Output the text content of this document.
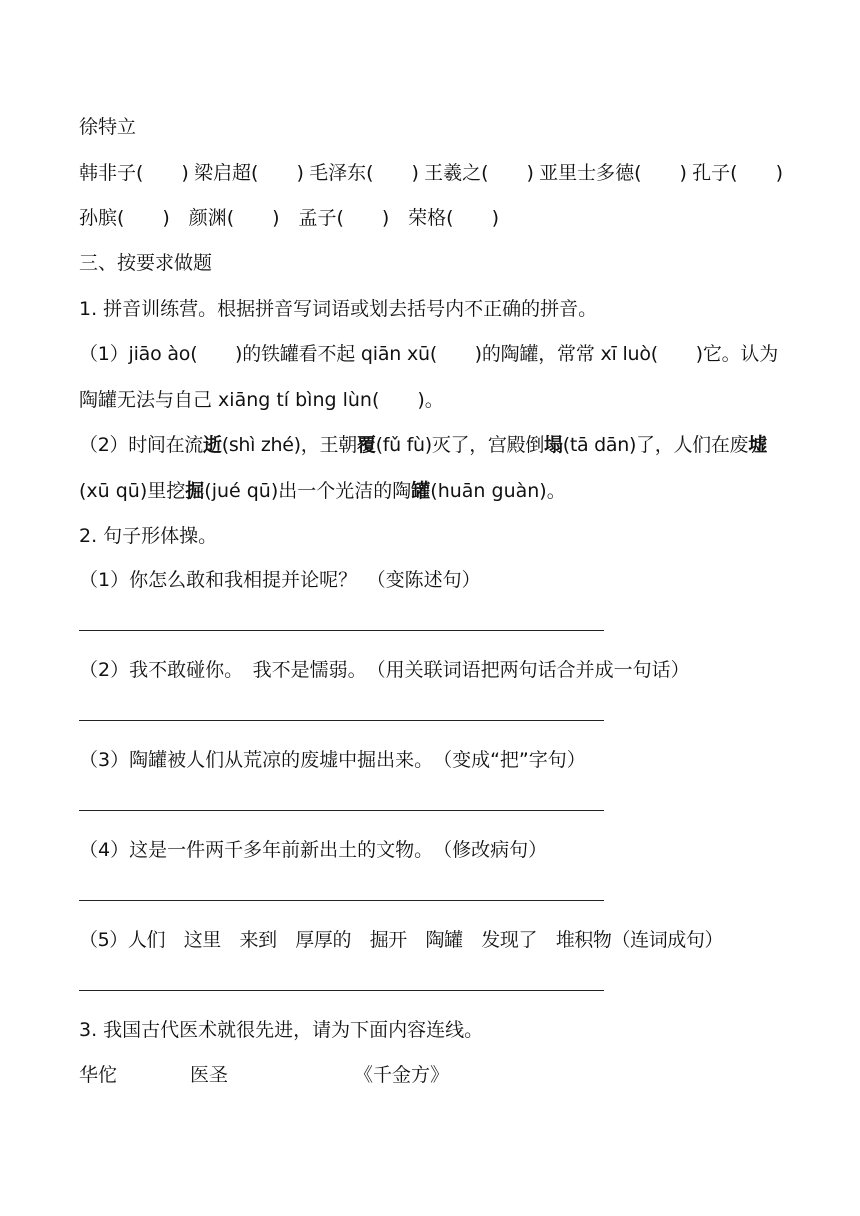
徐特立
韩非子(　　) 梁启超(　　) 毛泽东(　　) 王羲之(　　) 亚里士多德(　　) 孔子(　　)
孙膑(　　) 颜渊(　　) 孟子(　　) 荣格(　　)
三、按要求做题
1. 拼音训练营。根据拼音写词语或划去括号内不正确的拼音。
（1）jiāo ào(　　)的铁罐看不起 qiān xū(　　)的陶罐，常常 xī luò(　　)它。认为
陶罐无法与自己 xiāng tí bìng lùn(　　)。
（2）时间在流逝(shì zhé)，王朝覆(fǔ fù)灭了，宫殿倒塌(tā dān)了，人们在废墟
(xū qū)里挖掘(jué qū)出一个光洁的陶罐(huān guàn)。
2. 句子形体操。
（1）你怎么敢和我相提并论呢？　（变陈述句）
（2）我不敢碰你。　我不是懦弱。　（用关联词语把两句话合并成一句话）
（3）陶罐被人们从荒凉的废墟中掘出来。　（变成“把”字句）
（4）这是一件两千多年前新出土的文物。　（修改病句）
（5）人们　这里　来到　厚厚的　掘开　陶罐　发现了　堆积物（连词成句）
3. 我国古代医术就很先进，请为下面内容连线。
华佗	医圣	《千金方》
